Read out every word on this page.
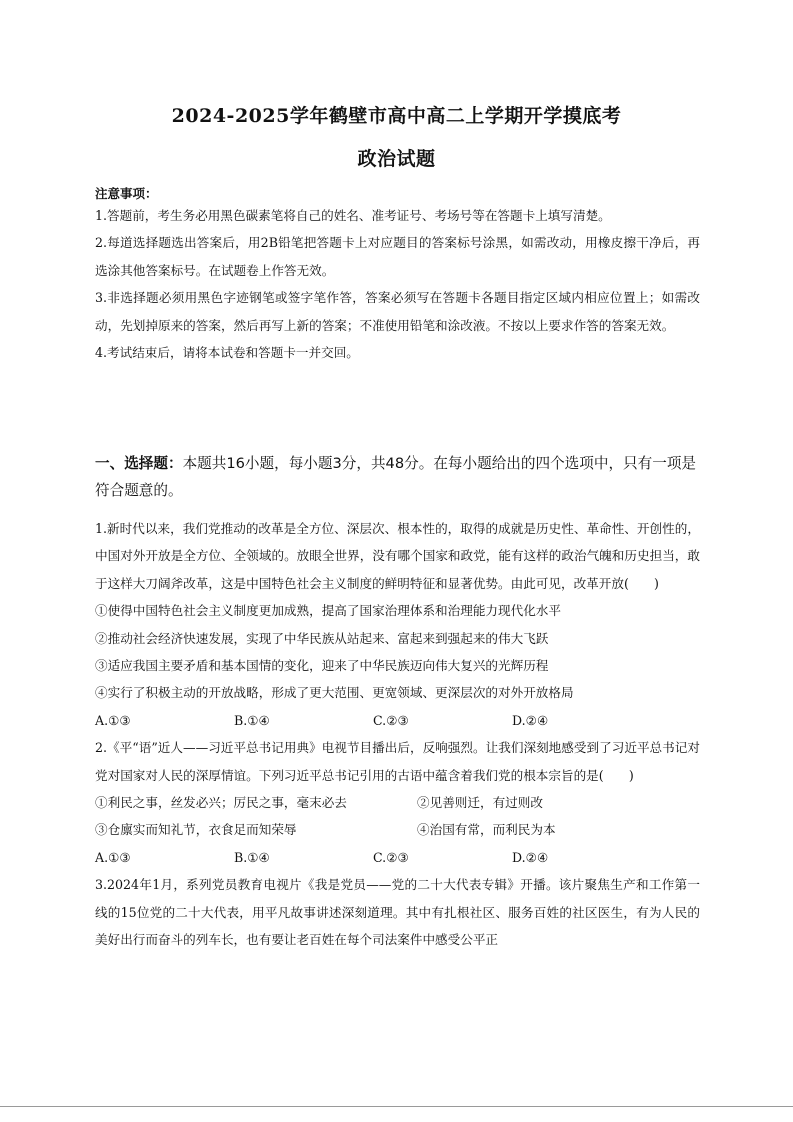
2024-2025学年鹤壁市高中高二上学期开学摸底考
政治试题
注意事项：

1.答题前，考生务必用黑色碳素笔将自己的姓名、准考证号、考场号等在答题卡上填写清楚。

2.每道选择题选出答案后，用2B铅笔把答题卡上对应题目的答案标号涂黑，如需改动，用橡皮擦干净后，再选涂其他答案标号。在试题卷上作答无效。

3.非选择题必须用黑色字迹钢笔或签字笔作答，答案必须写在答题卡各题目指定区域内相应位置上；如需改动，先划掉原来的答案，然后再写上新的答案；不准使用铅笔和涂改液。不按以上要求作答的答案无效。

4.考试结束后，请将本试卷和答题卡一并交回。

一、选择题：本题共16小题，每小题3分，共48分。在每小题给出的四个选项中，只有一项是符合题意的。

1.新时代以来，我们党推动的改革是全方位、深层次、根本性的，取得的成就是历史性、革命性、开创性的，中国对外开放是全方位、全领域的。放眼全世界，没有哪个国家和政党，能有这样的政治气魄和历史担当，敢于这样大刀阔斧改革，这是中国特色社会主义制度的鲜明特征和显著优势。由此可见，改革开放(　　)

①使得中国特色社会主义制度更加成熟，提高了国家治理体系和治理能力现代化水平
②推动社会经济快速发展，实现了中华民族从站起来、富起来到强起来的伟大飞跃
③适应我国主要矛盾和基本国情的变化，迎来了中华民族迈向伟大复兴的光辉历程
④实行了积极主动的开放战略，形成了更大范围、更宽领域、更深层次的对外开放格局
A.①③	B.①④	C.②③	D.②④

2.《平“语”近人——习近平总书记用典》电视节目播出后，反响强烈。让我们深刻地感受到了习近平总书记对党对国家对人民的深厚情谊。下列习近平总书记引用的古语中蕴含着我们党的根本宗旨的是(　　)

①利民之事，丝发必兴；厉民之事，毫末必去	②见善则迁，有过则改
③仓廪实而知礼节，衣食足而知荣辱	④治国有常，而利民为本
A.①③	B.①④	C.②③	D.②④

3.2024年1月，系列党员教育电视片《我是党员——党的二十大代表专辑》开播。该片聚焦生产和工作第一线的15位党的二十大代表，用平凡故事讲述深刻道理。其中有扎根社区、服务百姓的社区医生，有为人民的美好出行而奋斗的列车长，也有要让老百姓在每个司法案件中感受公平正
